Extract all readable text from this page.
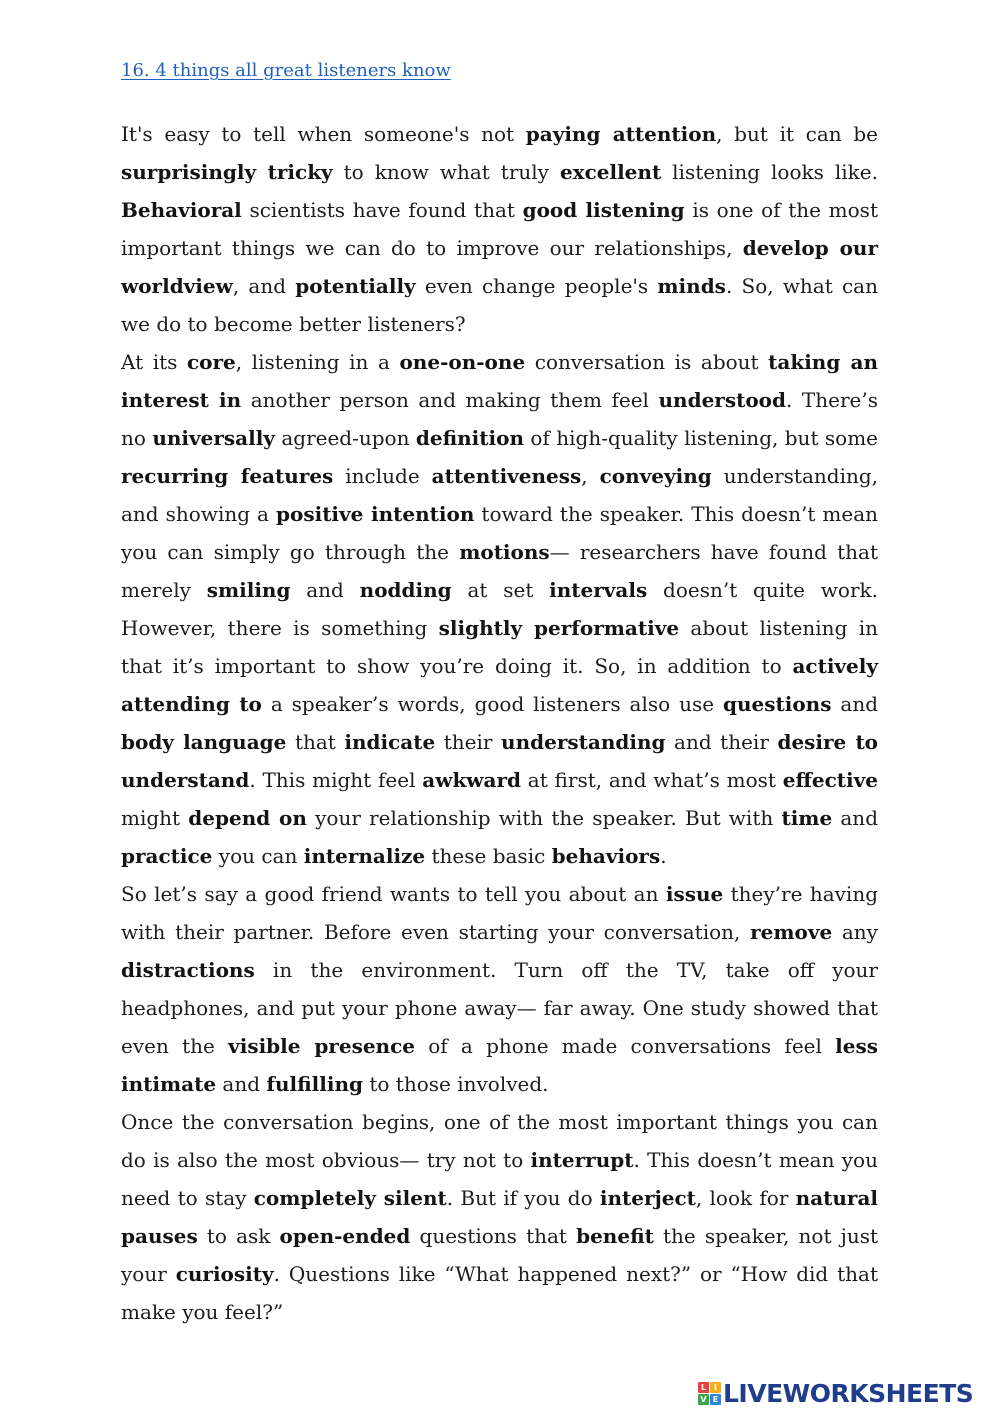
16. 4 things all great listeners know

It's easy to tell when someone's not paying attention, but it can be surprisingly tricky to know what truly excellent listening looks like. Behavioral scientists have found that good listening is one of the most important things we can do to improve our relationships, develop our worldview, and potentially even change people's minds. So, what can we do to become better listeners?

At its core, listening in a one-on-one conversation is about taking an interest in another person and making them feel understood. There’s no universally agreed-upon definition of high-quality listening, but some recurring features include attentiveness, conveying understanding, and showing a positive intention toward the speaker. This doesn’t mean you can simply go through the motions— researchers have found that merely smiling and nodding at set intervals doesn’t quite work. However, there is something slightly performative about listening in that it’s important to show you’re doing it. So, in addition to actively attending to a speaker’s words, good listeners also use questions and body language that indicate their understanding and their desire to understand. This might feel awkward at first, and what’s most effective might depend on your relationship with the speaker. But with time and practice you can internalize these basic behaviors.

So let’s say a good friend wants to tell you about an issue they’re having with their partner. Before even starting your conversation, remove any distractions in the environment. Turn off the TV, take off your headphones, and put your phone away— far away. One study showed that even the visible presence of a phone made conversations feel less intimate and fulfilling to those involved.

Once the conversation begins, one of the most important things you can do is also the most obvious— try not to interrupt. This doesn’t mean you need to stay completely silent. But if you do interject, look for natural pauses to ask open-ended questions that benefit the speaker, not just your curiosity. Questions like “What happened next?” or “How did that make you feel?”

L I
V E LIVEWORKSHEETS
